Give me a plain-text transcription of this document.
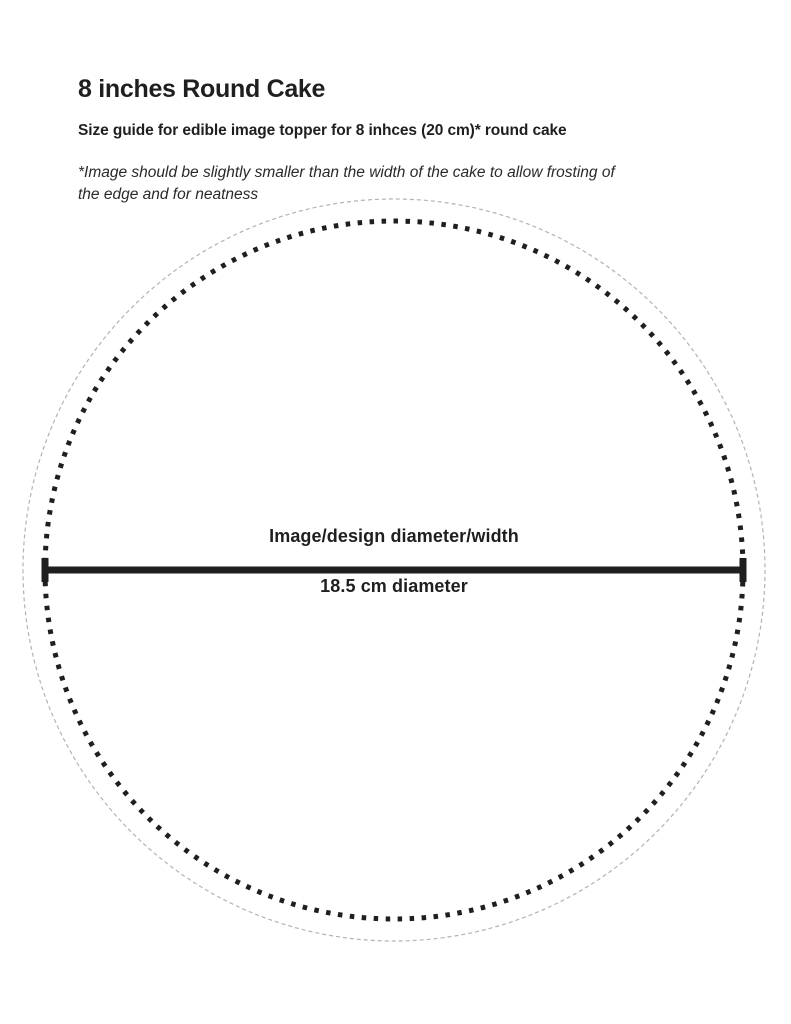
8 inches Round Cake
Size guide for edible image topper for 8 inhces (20 cm)* round cake

*Image should be slightly smaller than the width of the cake to allow frosting of
the edge and for neatness

Image/design diameter/width
18.5 cm diameter
